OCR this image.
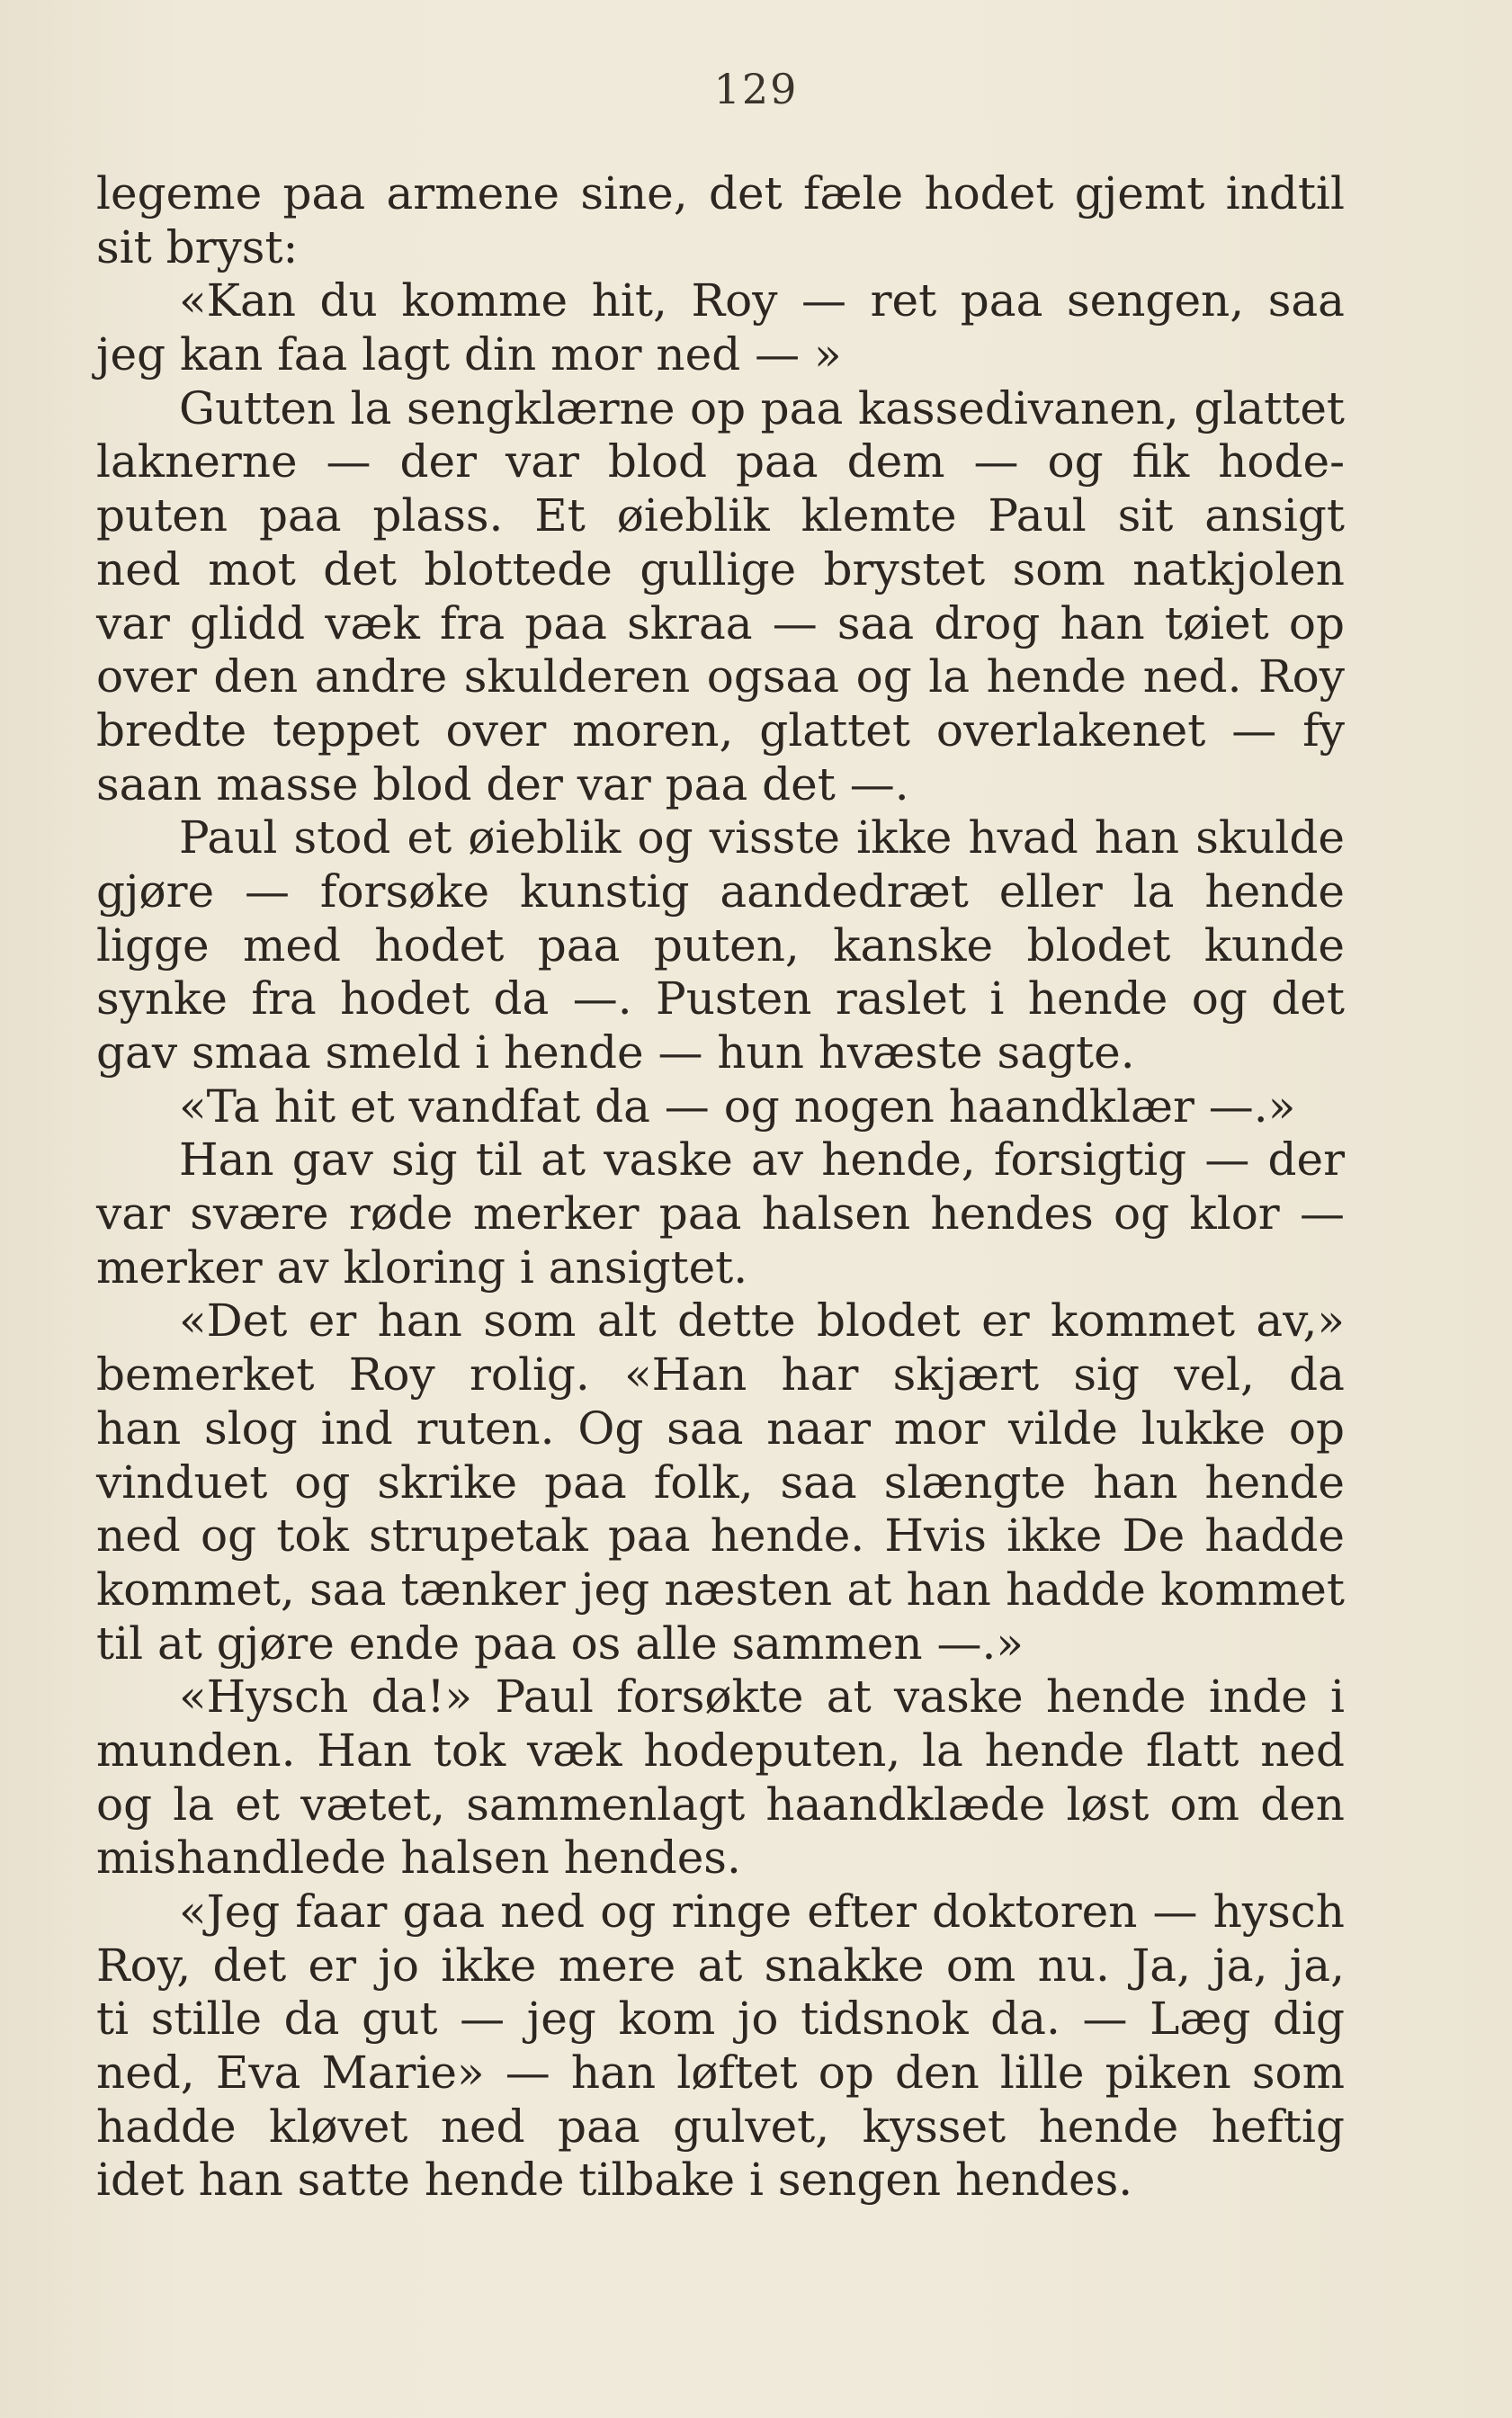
129
legeme paa armene sine, det fæle hodet gjemt indtil
sit bryst:
«Kan du komme hit, Roy — ret paa sengen, saa
jeg kan faa lagt din mor ned — »
Gutten la sengklærne op paa kassedivanen, glattet
laknerne — der var blod paa dem — og fik hode-
puten paa plass. Et øieblik klemte Paul sit ansigt
ned mot det blottede gullige brystet som natkjolen
var glidd væk fra paa skraa — saa drog han tøiet op
over den andre skulderen ogsaa og la hende ned. Roy
bredte teppet over moren, glattet overlakenet — fy
saan masse blod der var paa det —.
Paul stod et øieblik og visste ikke hvad han skulde
gjøre — forsøke kunstig aandedræt eller la hende
ligge med hodet paa puten, kanske blodet kunde
synke fra hodet da —. Pusten raslet i hende og det
gav smaa smeld i hende — hun hvæste sagte.
«Ta hit et vandfat da — og nogen haandklær —.»
Han gav sig til at vaske av hende, forsigtig — der
var svære røde merker paa halsen hendes og klor —
merker av kloring i ansigtet.
«Det er han som alt dette blodet er kommet av,»
bemerket Roy rolig. «Han har skjært sig vel, da
han slog ind ruten. Og saa naar mor vilde lukke op
vinduet og skrike paa folk, saa slængte han hende
ned og tok strupetak paa hende. Hvis ikke De hadde
kommet, saa tænker jeg næsten at han hadde kommet
til at gjøre ende paa os alle sammen —.»
«Hysch da!» Paul forsøkte at vaske hende inde i
munden. Han tok væk hodeputen, la hende flatt ned
og la et vætet, sammenlagt haandklæde løst om den
mishandlede halsen hendes.
«Jeg faar gaa ned og ringe efter doktoren — hysch
Roy, det er jo ikke mere at snakke om nu. Ja, ja, ja,
ti stille da gut — jeg kom jo tidsnok da. — Læg dig
ned, Eva Marie» — han løftet op den lille piken som
hadde kløvet ned paa gulvet, kysset hende heftig
idet han satte hende tilbake i sengen hendes.
